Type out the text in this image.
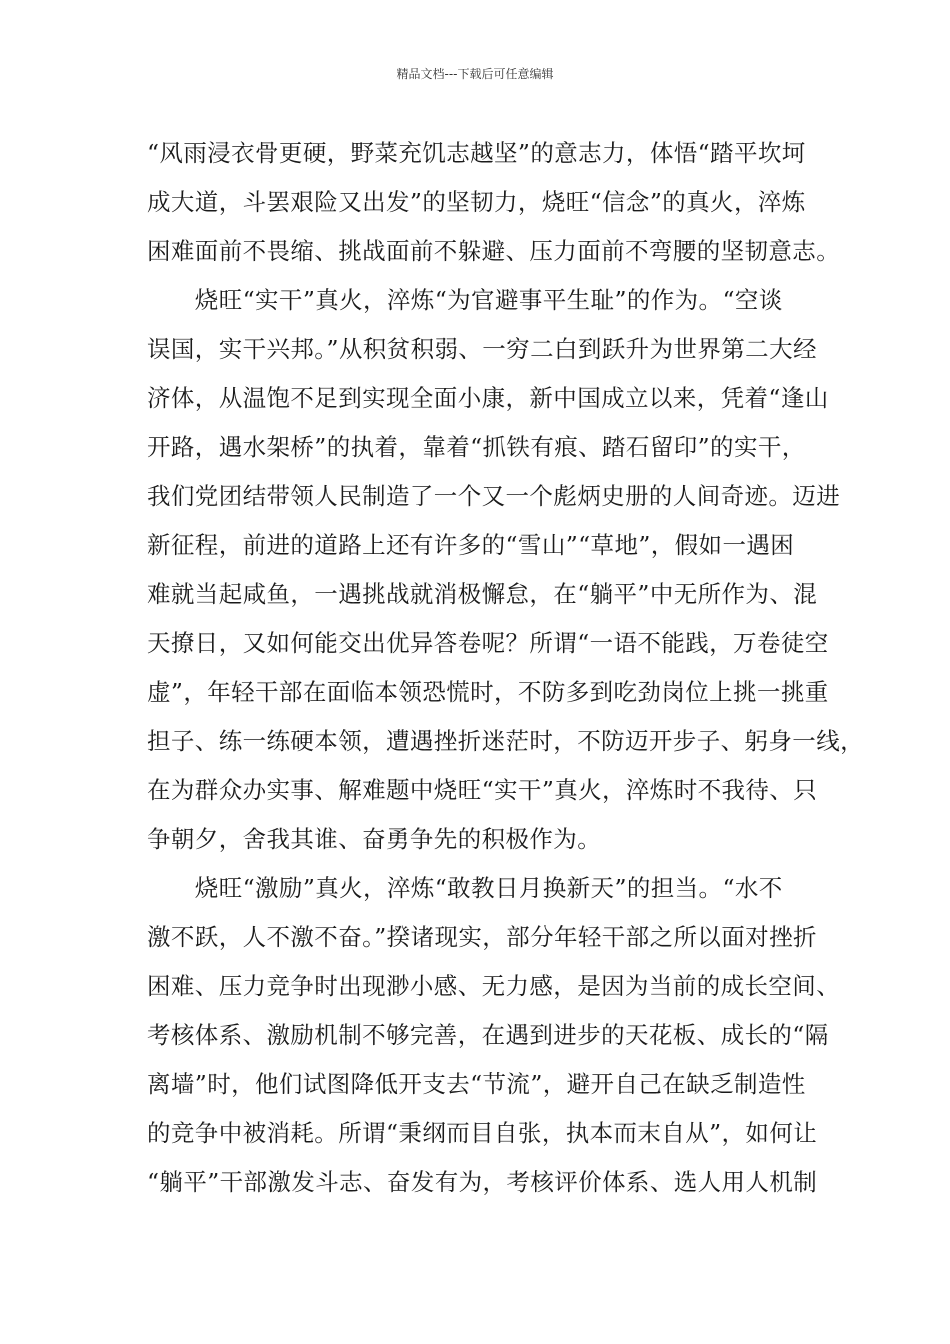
精品文档---下载后可任意编辑
“风雨浸衣骨更硬，野菜充饥志越坚”的意志力，体悟“踏平坎坷
成大道，斗罢艰险又出发”的坚韧力，烧旺“信念”的真火，淬炼
困难面前不畏缩、挑战面前不躲避、压力面前不弯腰的坚韧意志。
　　烧旺“实干”真火，淬炼“为官避事平生耻”的作为。“空谈
误国，实干兴邦。”从积贫积弱、一穷二白到跃升为世界第二大经
济体，从温饱不足到实现全面小康，新中国成立以来，凭着“逢山
开路，遇水架桥”的执着，靠着“抓铁有痕、踏石留印”的实干，
我们党团结带领人民制造了一个又一个彪炳史册的人间奇迹。迈进
新征程，前进的道路上还有许多的“雪山”“草地”，假如一遇困
难就当起咸鱼，一遇挑战就消极懈怠，在“躺平”中无所作为、混
天撩日，又如何能交出优异答卷呢？所谓“一语不能践，万卷徒空
虚”，年轻干部在面临本领恐慌时，不防多到吃劲岗位上挑一挑重
担子、练一练硬本领，遭遇挫折迷茫时，不防迈开步子、躬身一线，
在为群众办实事、解难题中烧旺“实干”真火，淬炼时不我待、只
争朝夕，舍我其谁、奋勇争先的积极作为。
　　烧旺“激励”真火，淬炼“敢教日月换新天”的担当。“水不
激不跃，人不激不奋。”揆诸现实，部分年轻干部之所以面对挫折
困难、压力竞争时出现渺小感、无力感，是因为当前的成长空间、
考核体系、激励机制不够完善，在遇到进步的天花板、成长的“隔
离墙”时，他们试图降低开支去“节流”，避开自己在缺乏制造性
的竞争中被消耗。所谓“秉纲而目自张，执本而末自从”，如何让
“躺平”干部激发斗志、奋发有为，考核评价体系、选人用人机制
